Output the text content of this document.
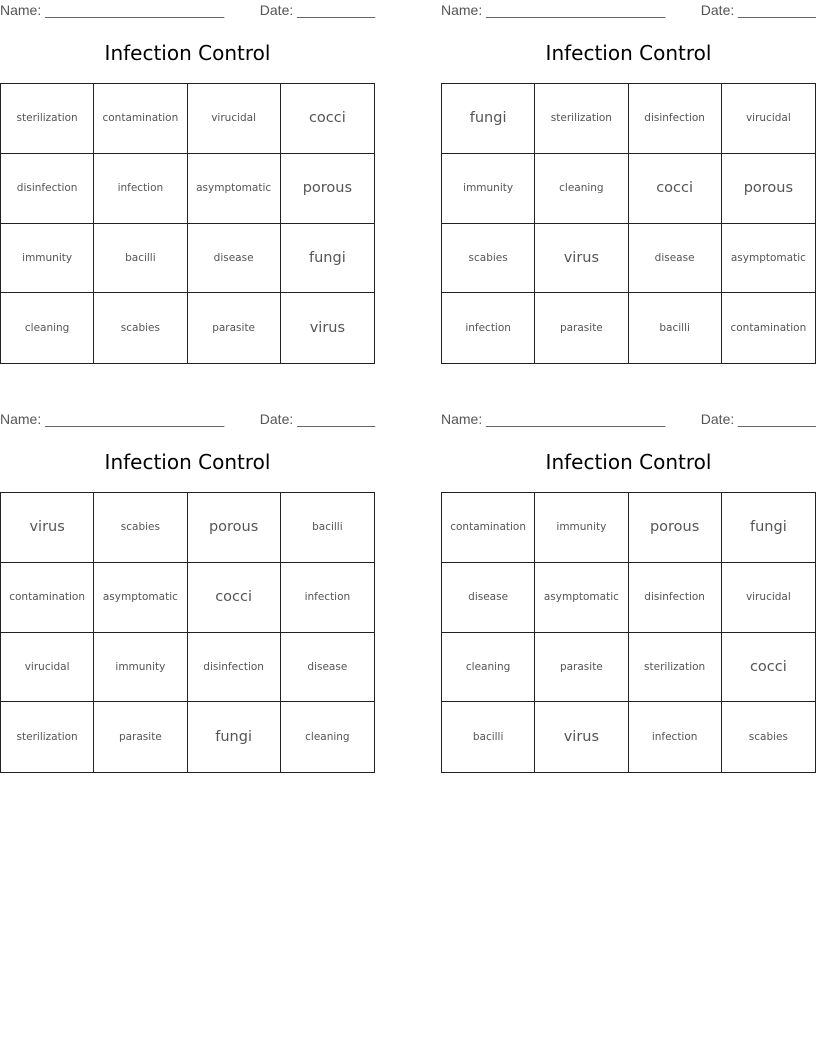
Name: _______________________	Date: __________
Infection Control
sterilization	contamination	virucidal	cocci
disinfection	infection	asymptomatic	porous
immunity	bacilli	disease	fungi
cleaning	scabies	parasite	virus
Name: _______________________	Date: __________
Infection Control
fungi	sterilization	disinfection	virucidal
immunity	cleaning	cocci	porous
scabies	virus	disease	asymptomatic
infection	parasite	bacilli	contamination
Name: _______________________	Date: __________
Infection Control
virus	scabies	porous	bacilli
contamination	asymptomatic	cocci	infection
virucidal	immunity	disinfection	disease
sterilization	parasite	fungi	cleaning
Name: _______________________	Date: __________
Infection Control
contamination	immunity	porous	fungi
disease	asymptomatic	disinfection	virucidal
cleaning	parasite	sterilization	cocci
bacilli	virus	infection	scabies
